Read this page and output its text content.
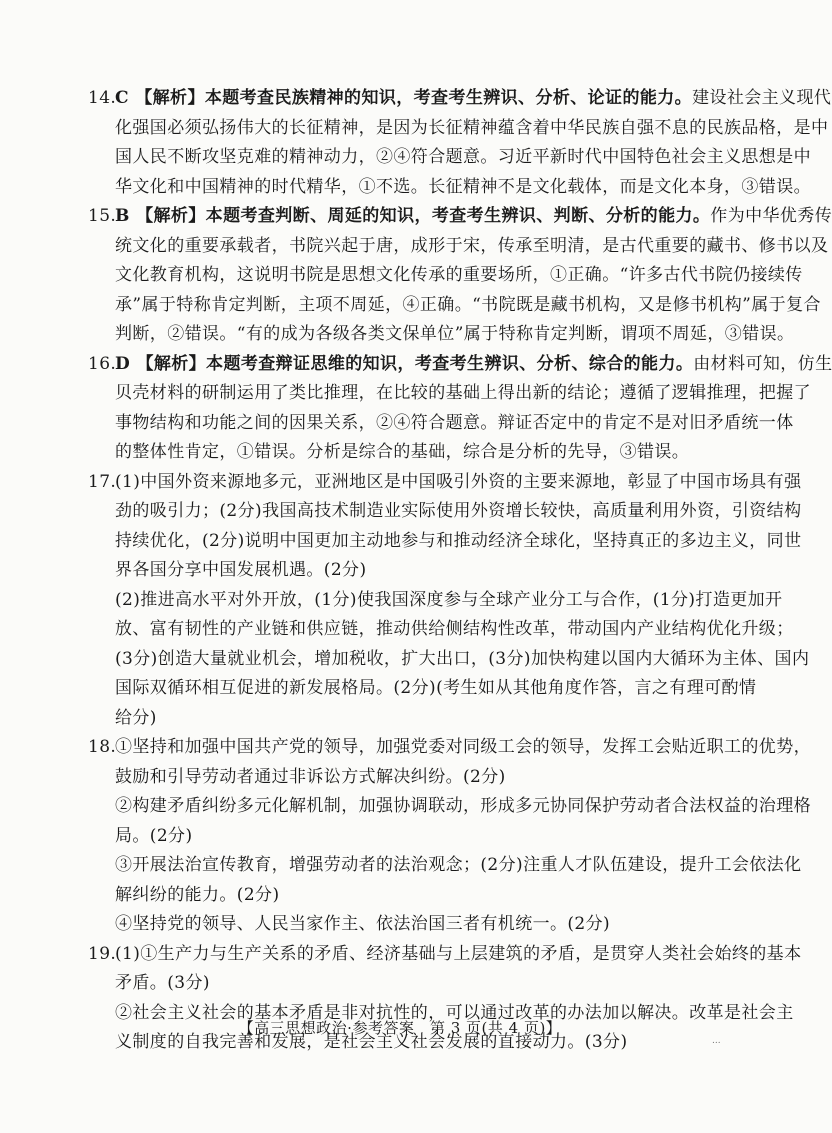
14.C 【解析】本题考查民族精神的知识，考查考生辨识、分析、论证的能力。建设社会主义现代
化强国必须弘扬伟大的长征精神，是因为长征精神蕴含着中华民族自强不息的民族品格，是中
国人民不断攻坚克难的精神动力，②④符合题意。习近平新时代中国特色社会主义思想是中
华文化和中国精神的时代精华，①不选。长征精神不是文化载体，而是文化本身，③错误。
15.B 【解析】本题考查判断、周延的知识，考查考生辨识、判断、分析的能力。作为中华优秀传
统文化的重要承载者，书院兴起于唐，成形于宋，传承至明清，是古代重要的藏书、修书以及
文化教育机构，这说明书院是思想文化传承的重要场所，①正确。“许多古代书院仍接续传
承”属于特称肯定判断，主项不周延，④正确。“书院既是藏书机构，又是修书机构”属于复合
判断，②错误。“有的成为各级各类文保单位”属于特称肯定判断，谓项不周延，③错误。
16.D 【解析】本题考查辩证思维的知识，考查考生辨识、分析、综合的能力。由材料可知，仿生
贝壳材料的研制运用了类比推理，在比较的基础上得出新的结论；遵循了逻辑推理，把握了
事物结构和功能之间的因果关系，②④符合题意。辩证否定中的肯定不是对旧矛盾统一体
的整体性肯定，①错误。分析是综合的基础，综合是分析的先导，③错误。
17.(1)中国外资来源地多元，亚洲地区是中国吸引外资的主要来源地，彰显了中国市场具有强
劲的吸引力；(2分)我国高技术制造业实际使用外资增长较快，高质量利用外资，引资结构
持续优化，(2分)说明中国更加主动地参与和推动经济全球化，坚持真正的多边主义，同世
界各国分享中国发展机遇。(2分)
(2)推进高水平对外开放，(1分)使我国深度参与全球产业分工与合作，(1分)打造更加开
放、富有韧性的产业链和供应链，推动供给侧结构性改革，带动国内产业结构优化升级；
(3分)创造大量就业机会，增加税收，扩大出口，(3分)加快构建以国内大循环为主体、国内
国际双循环相互促进的新发展格局。(2分)(考生如从其他角度作答，言之有理可酌情
给分)
18.①坚持和加强中国共产党的领导，加强党委对同级工会的领导，发挥工会贴近职工的优势，
鼓励和引导劳动者通过非诉讼方式解决纠纷。(2分)
②构建矛盾纠纷多元化解机制，加强协调联动，形成多元协同保护劳动者合法权益的治理格
局。(2分)
③开展法治宣传教育，增强劳动者的法治观念；(2分)注重人才队伍建设，提升工会依法化
解纠纷的能力。(2分)
④坚持党的领导、人民当家作主、依法治国三者有机统一。(2分)
19.(1)①生产力与生产关系的矛盾、经济基础与上层建筑的矛盾，是贯穿人类社会始终的基本
矛盾。(3分)
②社会主义社会的基本矛盾是非对抗性的，可以通过改革的办法加以解决。改革是社会主
义制度的自我完善和发展，是社会主义社会发展的直接动力。(3分)
【高三思想政治·参考答案　第 3 页(共 4 页)】
...
